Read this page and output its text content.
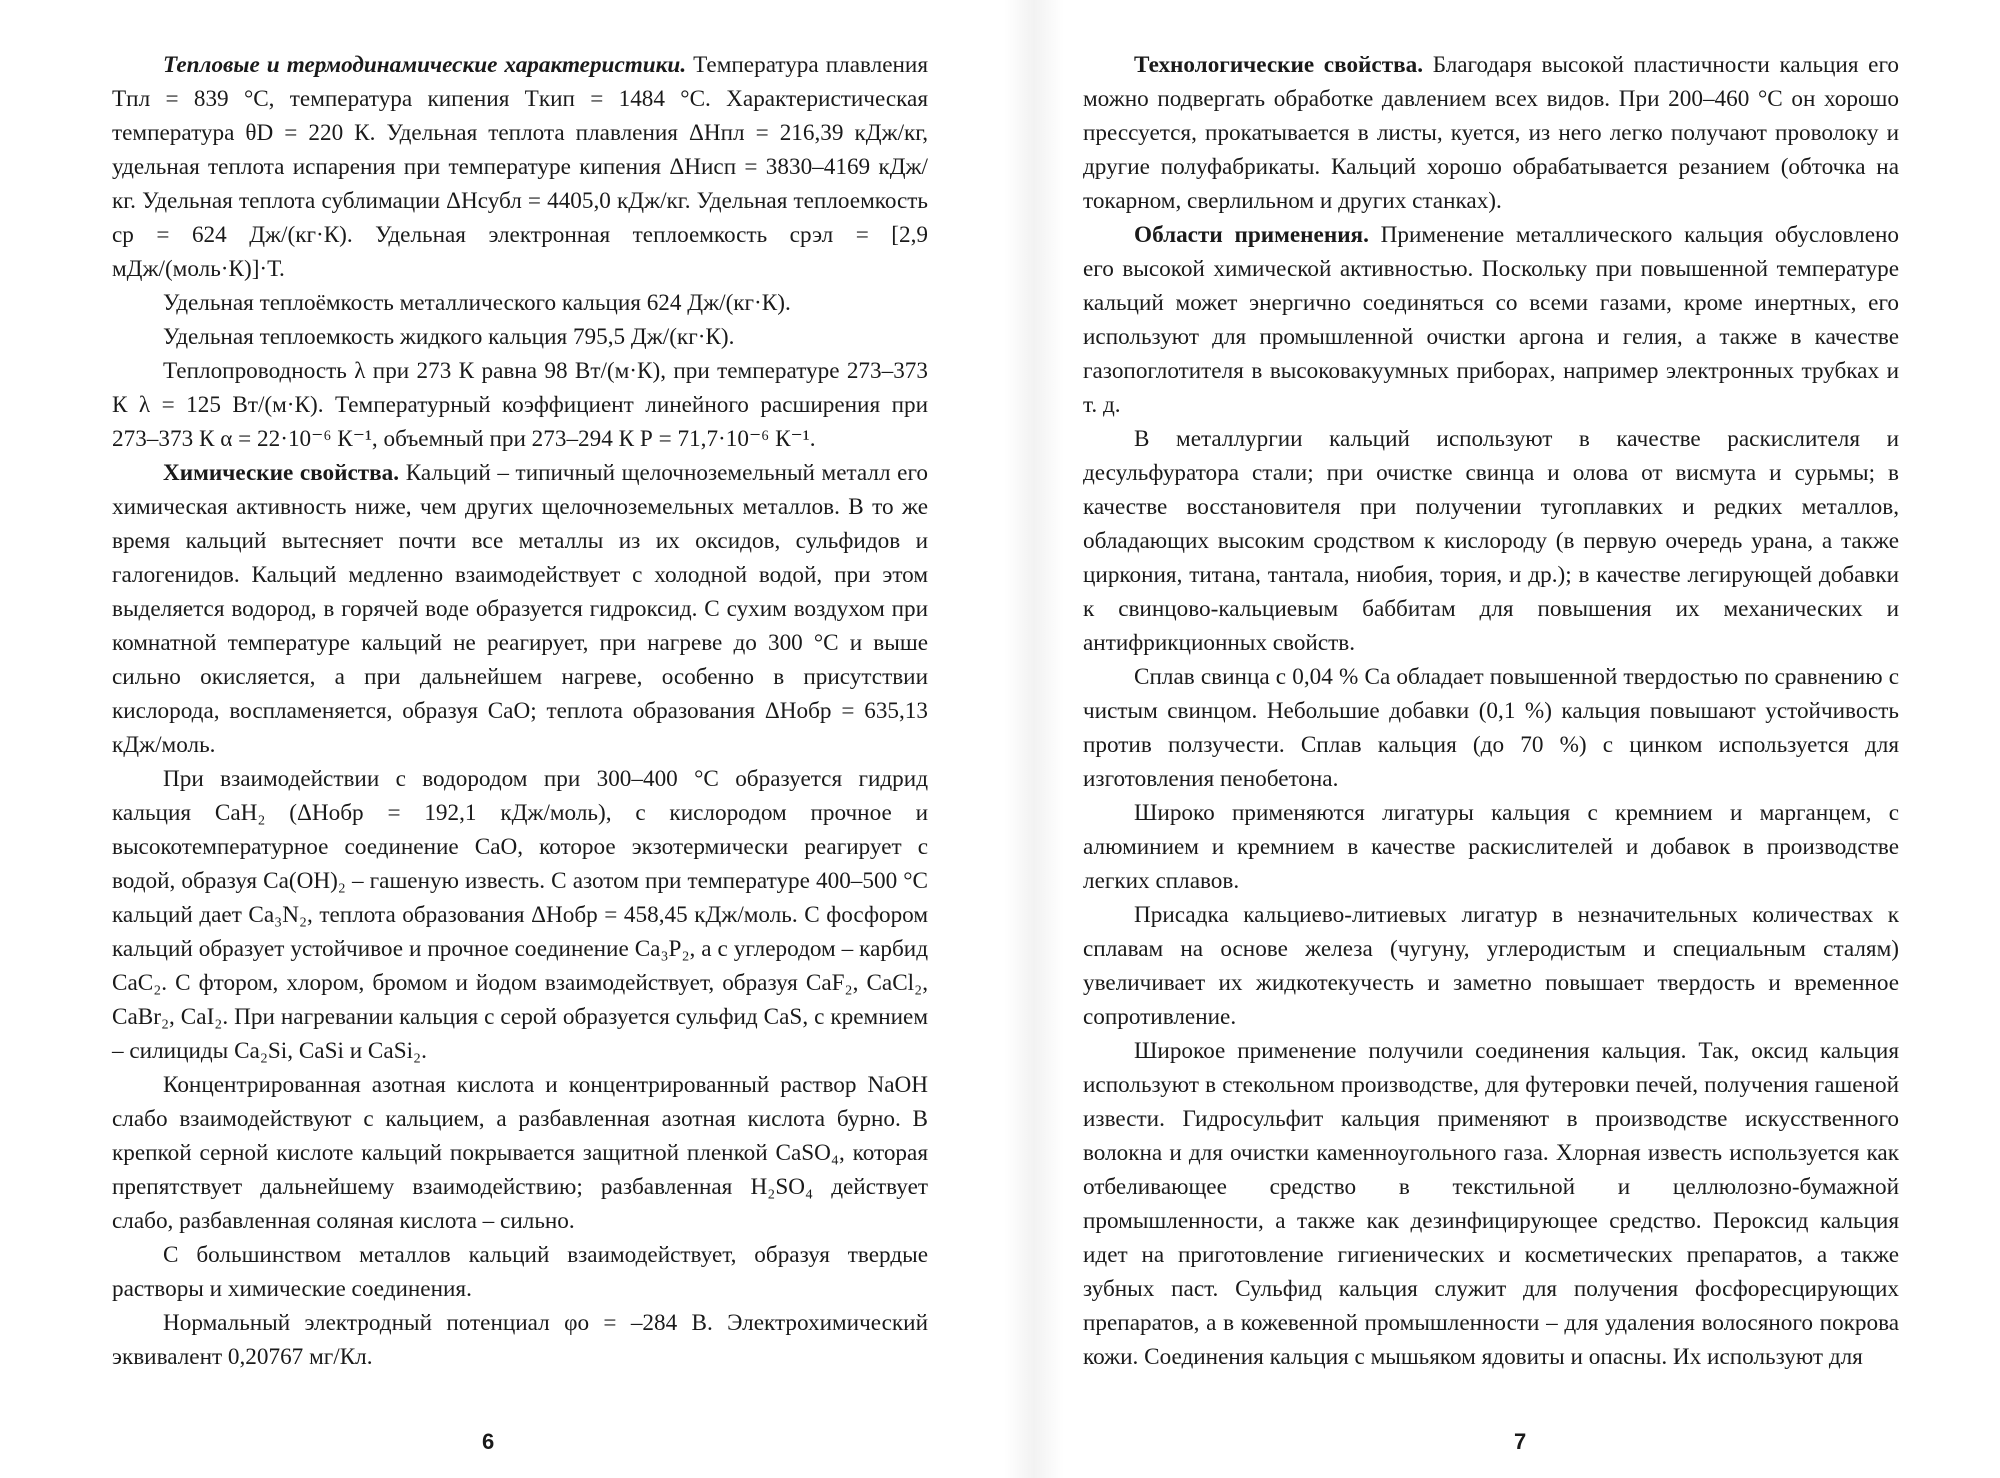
Тепловые и термодинамические характеристики. Температура плавления Tпл = 839 °С, температура кипения Tкип = 1484 °С. Характеристическая температура θD = 220 К. Удельная теплота плавления ΔHпл = 216,39 кДж/кг, удельная теплота испарения при температуре кипения ΔHисп = 3830–4169 кДж/кг. Удельная теплота сублимации ΔHсубл = 4405,0 кДж/кг. Удельная теплоемкость cр = 624 Дж/(кг·К). Удельная электронная теплоемкость cрэл = [2,9 мДж/(моль·К)]·Т.

Удельная теплоёмкость металлического кальция 624 Дж/(кг·К).

Удельная теплоемкость жидкого кальция 795,5 Дж/(кг·К).

Теплопроводность λ при 273 К равна 98 Вт/(м·К), при температуре 273–373 К λ = 125 Вт/(м·К). Температурный коэффициент линейного расширения при 273–373 К α = 22·10⁻⁶ К⁻¹, объемный при 273–294 К Р = 71,7·10⁻⁶ К⁻¹.

Химические свойства. Кальций – типичный щелочноземельный металл его химическая активность ниже, чем других щелочноземельных металлов. В то же время кальций вытесняет почти все металлы из их оксидов, сульфидов и галогенидов. Кальций медленно взаимодействует с холодной водой, при этом выделяется водород, в горячей воде образуется гидроксид. С сухим воздухом при комнатной температуре кальций не реагирует, при нагреве до 300 °С и выше сильно окисляется, а при дальнейшем нагреве, особенно в присутствии кислорода, воспламеняется, образуя СаО; теплота образования ΔHобр = 635,13 кДж/моль.

При взаимодействии с водородом при 300–400 °С образуется гидрид кальция СаН₂ (ΔHобр = 192,1 кДж/моль), с кислородом прочное и высокотемпературное соединение СаО, которое экзотермически реагирует с водой, образуя Са(ОН)₂ – гашеную известь. С азотом при температуре 400–500 °С кальций дает Са₃N₂, теплота образования ΔHобр = 458,45 кДж/моль. С фосфором кальций образует устойчивое и прочное соединение Са₃Р₂, а с углеродом – карбид СаС₂. С фтором, хлором, бромом и йодом взаимодействует, образуя СаF₂, СаCl₂, СаBr₂, СаI₂. При нагревании кальция с серой образуется сульфид CaS, с кремнием – силициды Ca₂Si, CaSi и CaSi₂.

Концентрированная азотная кислота и концентрированный раствор NaOH слабо взаимодействуют с кальцием, а разбавленная азотная кислота бурно. В крепкой серной кислоте кальций покрывается защитной пленкой CaSO₄, которая препятствует дальнейшему взаимодействию; разбавленная H₂SO₄ действует слабо, разбавленная соляная кислота – сильно.

С большинством металлов кальций взаимодействует, образуя твердые растворы и химические соединения.

Нормальный электродный потенциал φо = –284 В. Электрохимический эквивалент 0,20767 мг/Кл.

6

Технологические свойства. Благодаря высокой пластичности кальция его можно подвергать обработке давлением всех видов. При 200–460 °С он хорошо прессуется, прокатывается в листы, куется, из него легко получают проволоку и другие полуфабрикаты. Кальций хорошо обрабатывается резанием (обточка на токарном, сверлильном и других станках).

Области применения. Применение металлического кальция обусловлено его высокой химической активностью. Поскольку при повышенной температуре кальций может энергично соединяться со всеми газами, кроме инертных, его используют для промышленной очистки аргона и гелия, а также в качестве газопоглотителя в высоковакуумных приборах, например электронных трубках и т. д.

В металлургии кальций используют в качестве раскислителя и десульфуратора стали; при очистке свинца и олова от висмута и сурьмы; в качестве восстановителя при получении тугоплавких и редких металлов, обладающих высоким сродством к кислороду (в первую очередь урана, а также циркония, титана, тантала, ниобия, тория, и др.); в качестве легирующей добавки к свинцово-кальциевым баббитам для повышения их механических и антифрикционных свойств.

Сплав свинца с 0,04 % Са обладает повышенной твердостью по сравнению с чистым свинцом. Небольшие добавки (0,1 %) кальция повышают устойчивость против ползучести. Сплав кальция (до 70 %) с цинком используется для изготовления пенобетона.

Широко применяются лигатуры кальция с кремнием и марганцем, с алюминием и кремнием в качестве раскислителей и добавок в производстве легких сплавов.

Присадка кальциево-литиевых лигатур в незначительных количествах к сплавам на основе железа (чугуну, углеродистым и специальным сталям) увеличивает их жидкотекучесть и заметно повышает твердость и временное сопротивление.

Широкое применение получили соединения кальция. Так, оксид кальция используют в стекольном производстве, для футеровки печей, получения гашеной извести. Гидросульфит кальция применяют в производстве искусственного волокна и для очистки каменноугольного газа. Хлорная известь используется как отбеливающее средство в текстильной и целлюлозно-бумажной промышленности, а также как дезинфицирующее средство. Пероксид кальция идет на приготовление гигиенических и косметических препаратов, а также зубных паст. Сульфид кальция служит для получения фосфоресцирующих препаратов, а в кожевенной промышленности – для удаления волосяного покрова кожи. Соединения кальция с мышьяком ядовиты и опасны. Их используют для

7
